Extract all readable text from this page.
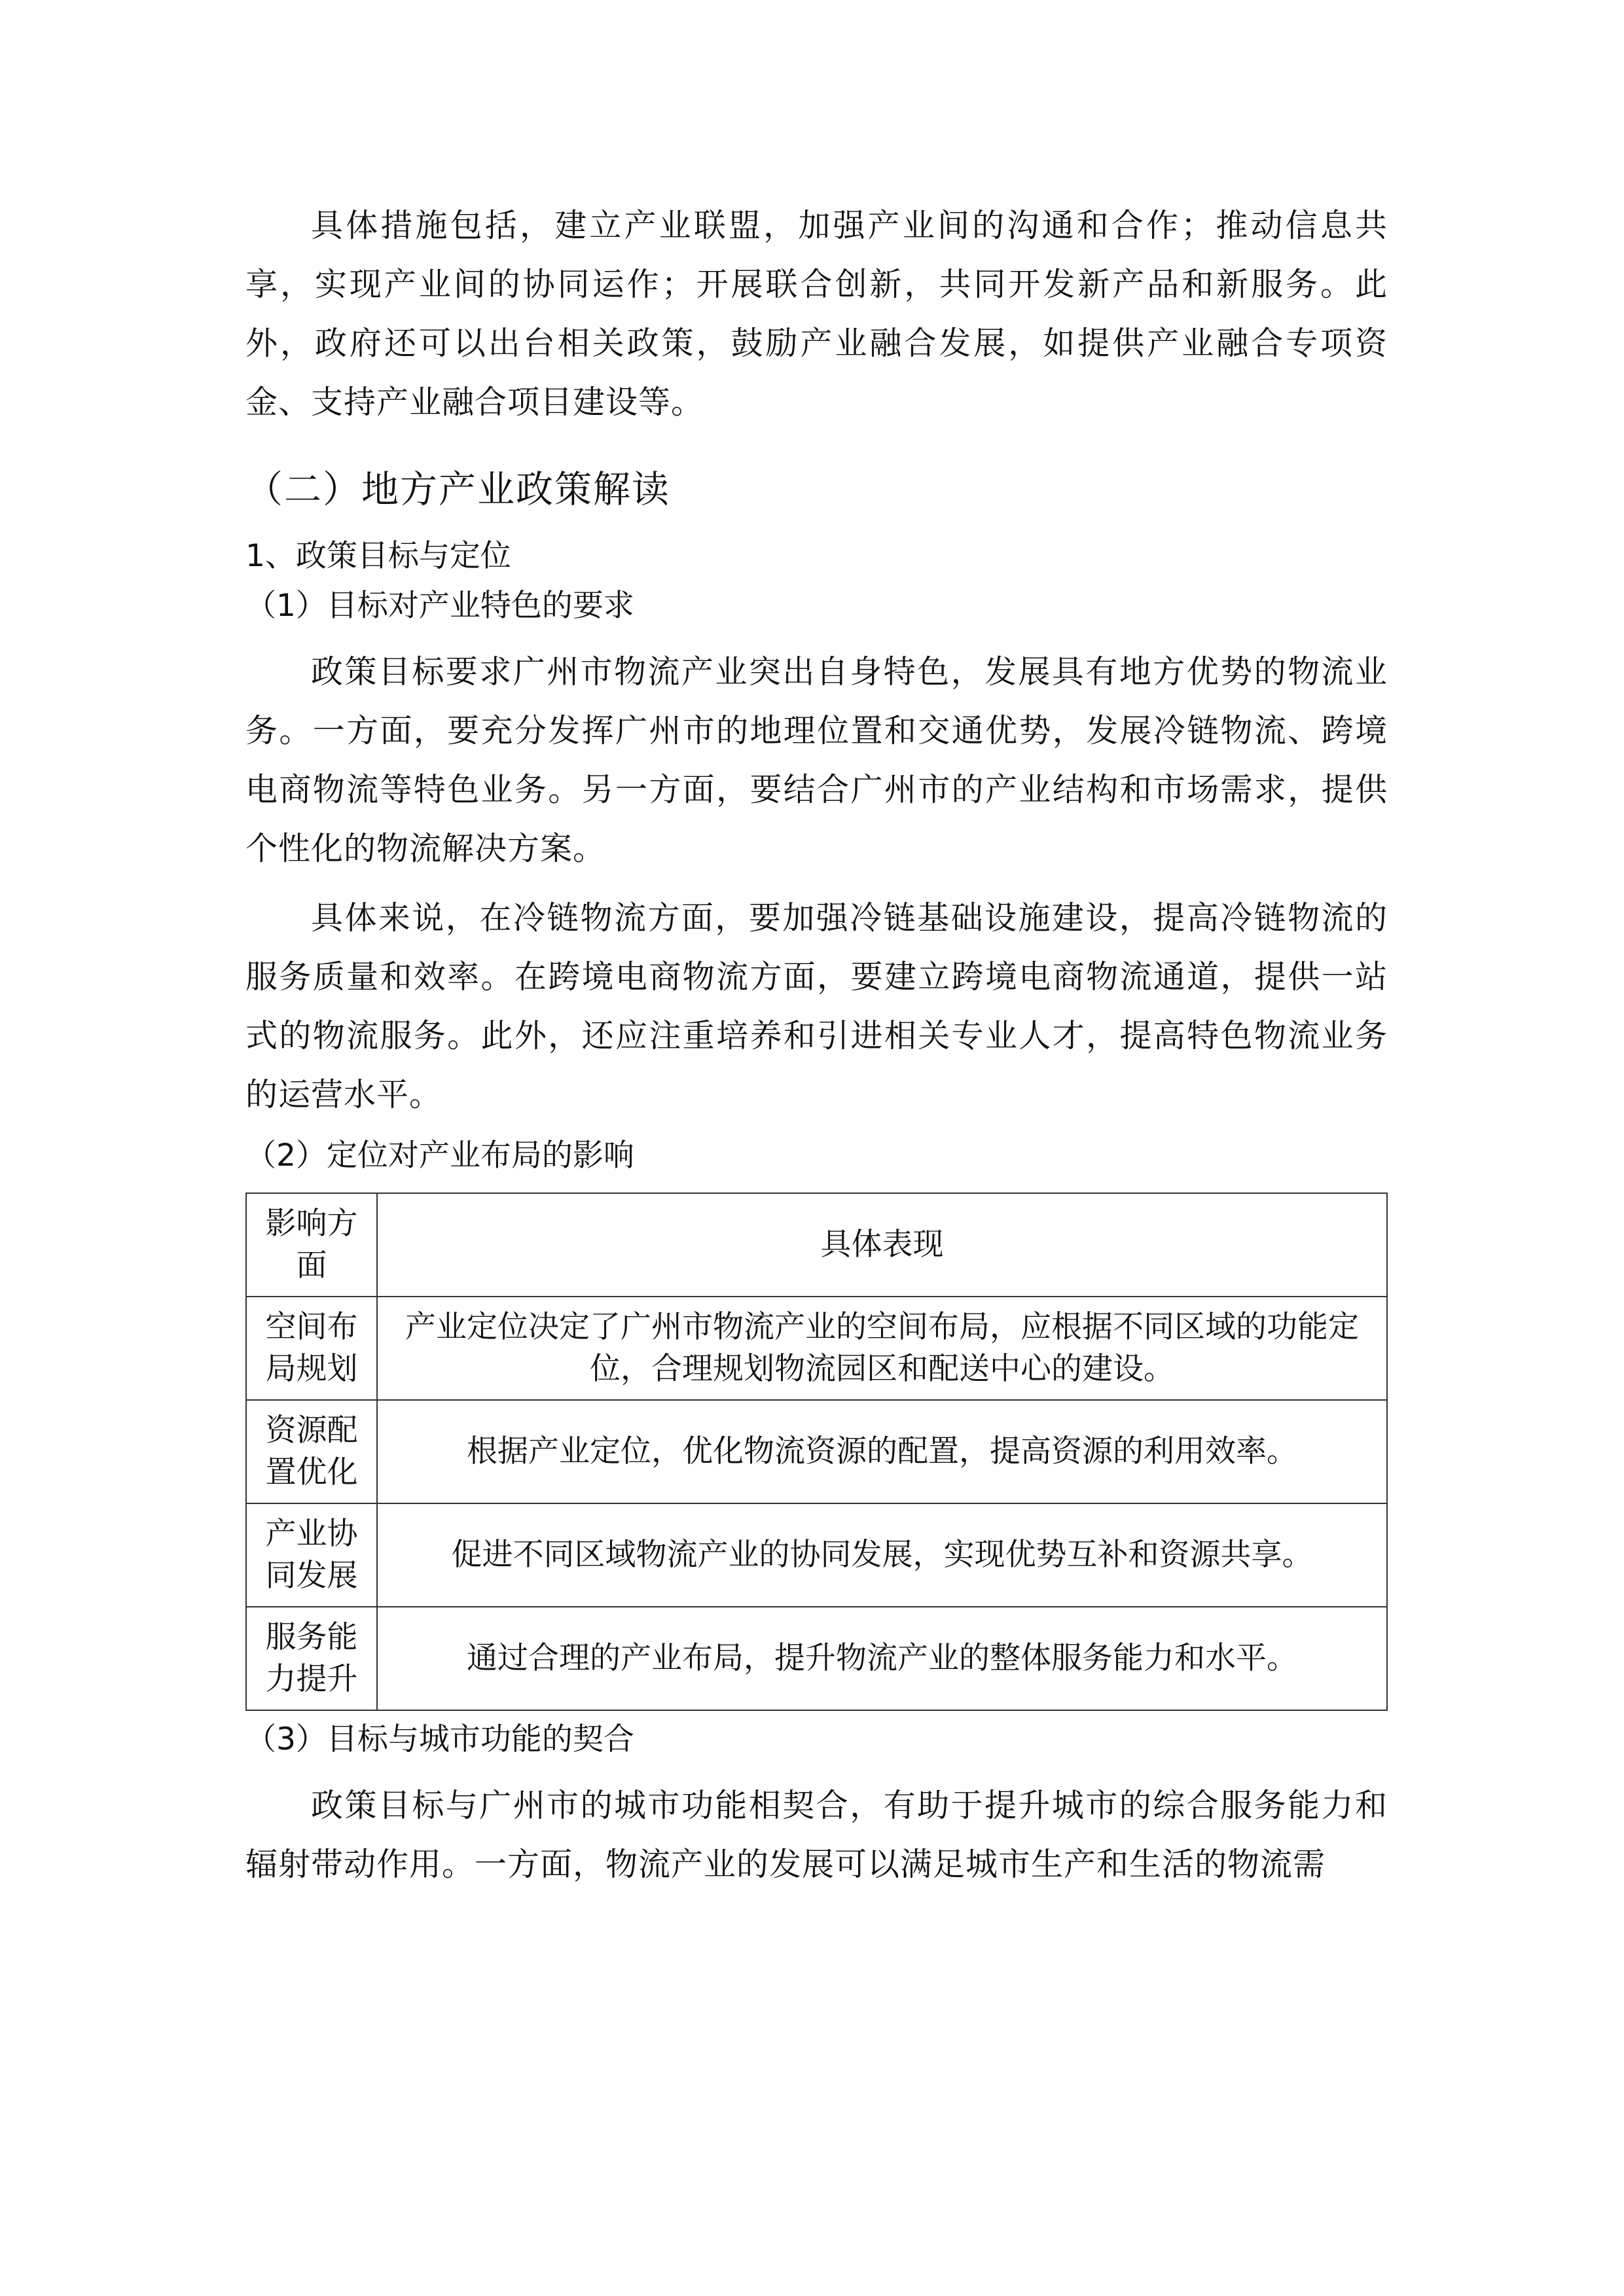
具体措施包括，建立产业联盟，加强产业间的沟通和合作；推动信息共享，实现产业间的协同运作；开展联合创新，共同开发新产品和新服务。此外，政府还可以出台相关政策，鼓励产业融合发展，如提供产业融合专项资金、支持产业融合项目建设等。

（二）地方产业政策解读
1、政策目标与定位
（1）目标对产业特色的要求

政策目标要求广州市物流产业突出自身特色，发展具有地方优势的物流业务。一方面，要充分发挥广州市的地理位置和交通优势，发展冷链物流、跨境电商物流等特色业务。另一方面，要结合广州市的产业结构和市场需求，提供个性化的物流解决方案。

具体来说，在冷链物流方面，要加强冷链基础设施建设，提高冷链物流的服务质量和效率。在跨境电商物流方面，要建立跨境电商物流通道，提供一站式的物流服务。此外，还应注重培养和引进相关专业人才，提高特色物流业务的运营水平。

（2）定位对产业布局的影响
影响方面	具体表现
空间布局规划	产业定位决定了广州市物流产业的空间布局，应根据不同区域的功能定位，合理规划物流园区和配送中心的建设。
资源配置优化	根据产业定位，优化物流资源的配置，提高资源的利用效率。
产业协同发展	促进不同区域物流产业的协同发展，实现优势互补和资源共享。
服务能力提升	通过合理的产业布局，提升物流产业的整体服务能力和水平。
（3）目标与城市功能的契合

政策目标与广州市的城市功能相契合，有助于提升城市的综合服务能力和辐射带动作用。一方面，物流产业的发展可以满足城市生产和生活的物流需
